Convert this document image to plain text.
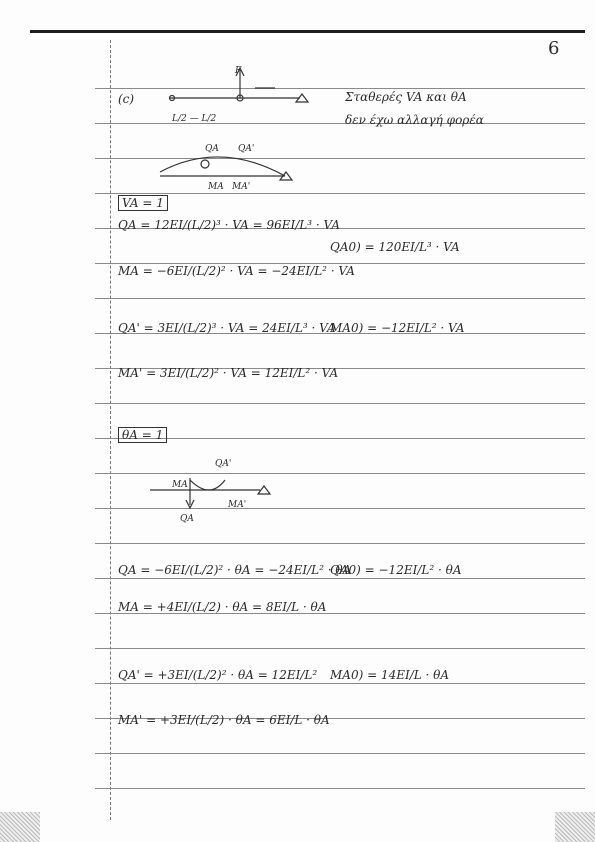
6
(c)
F
L/2 — L/2
Σταθερές VA και θA
δεν έχω αλλαγή φορέα
QA QA'
MA MA'
VA = 1
QA = 12EI/(L/2)³ · VA = 96EI/L³ · VA
QA0) = 120EI/L³ · VA
MA = −6EI/(L/2)² · VA = −24EI/L² · VA
QA' = 3EI/(L/2)³ · VA = 24EI/L³ · VA
MA0) = −12EI/L² · VA
MA' = 3EI/(L/2)² · VA = 12EI/L² · VA
θA = 1
QA'
MA
MA'
QA
QA = −6EI/(L/2)² · θA = −24EI/L² · θA
QA0) = −12EI/L² · θA
MA = +4EI/(L/2) · θA = 8EI/L · θA
QA' = +3EI/(L/2)² · θA = 12EI/L² MA0) = 14EI/L · θA
MA' = +3EI/(L/2) · θA = 6EI/L · θA
